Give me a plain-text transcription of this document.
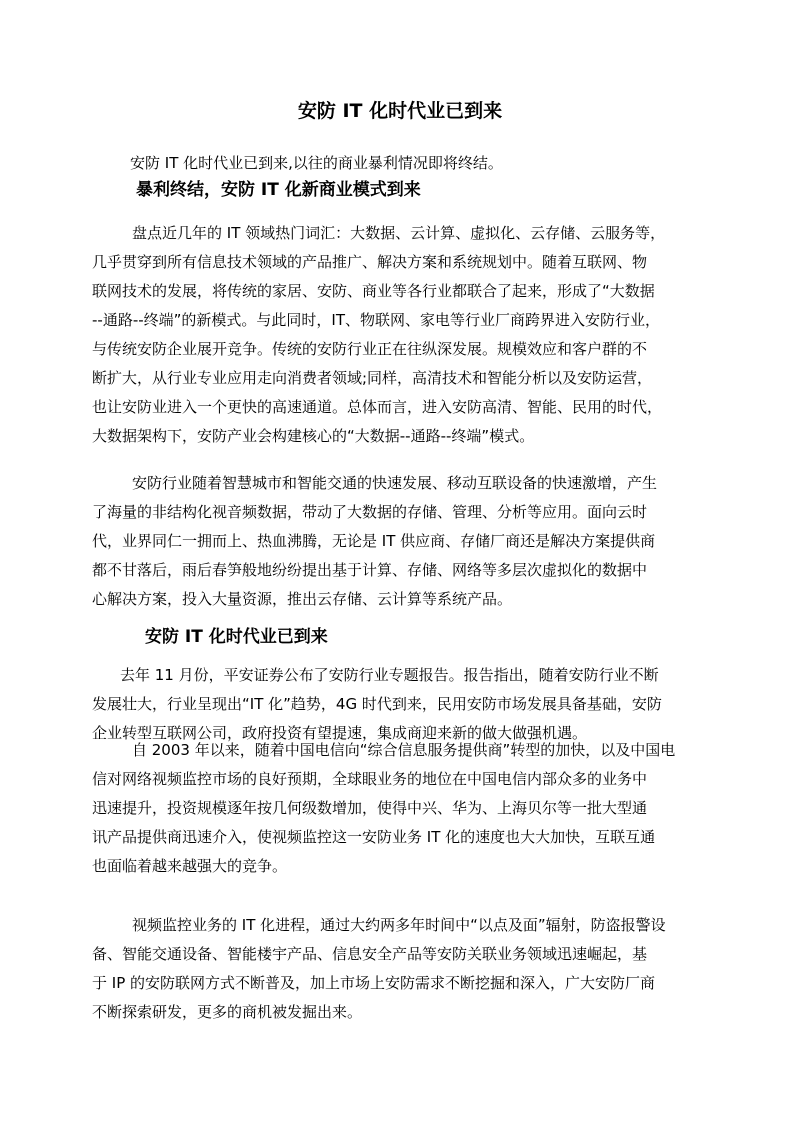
安防 IT 化时代业已到来

安防 IT 化时代业已到来,以往的商业暴利情况即将终结。

暴利终结，安防 IT 化新商业模式到来
盘点近几年的 IT 领域热门词汇：大数据、云计算、虚拟化、云存储、云服务等，
几乎贯穿到所有信息技术领域的产品推广、解决方案和系统规划中。随着互联网、物
联网技术的发展，将传统的家居、安防、商业等各行业都联合了起来，形成了“大数据
--通路--终端”的新模式。与此同时，IT、物联网、家电等行业厂商跨界进入安防行业，
与传统安防企业展开竞争。传统的安防行业正在往纵深发展。规模效应和客户群的不
断扩大，从行业专业应用走向消费者领域;同样，高清技术和智能分析以及安防运营，
也让安防业进入一个更快的高速通道。总体而言，进入安防高清、智能、民用的时代，
大数据架构下，安防产业会构建核心的“大数据--通路--终端”模式。
安防行业随着智慧城市和智能交通的快速发展、移动互联设备的快速激增，产生
了海量的非结构化视音频数据，带动了大数据的存储、管理、分析等应用。面向云时
代，业界同仁一拥而上、热血沸腾，无论是 IT 供应商、存储厂商还是解决方案提供商
都不甘落后，雨后春笋般地纷纷提出基于计算、存储、网络等多层次虚拟化的数据中
心解决方案，投入大量资源，推出云存储、云计算等系统产品。
安防 IT 化时代业已到来
去年 11 月份，平安证券公布了安防行业专题报告。报告指出，随着安防行业不断
发展壮大，行业呈现出“IT 化”趋势，4G 时代到来，民用安防市场发展具备基础，安防
企业转型互联网公司，政府投资有望提速，集成商迎来新的做大做强机遇。
自 2003 年以来，随着中国电信向“综合信息服务提供商”转型的加快，以及中国电
信对网络视频监控市场的良好预期，全球眼业务的地位在中国电信内部众多的业务中
迅速提升，投资规模逐年按几何级数增加，使得中兴、华为、上海贝尔等一批大型通
讯产品提供商迅速介入，使视频监控这一安防业务 IT 化的速度也大大加快，互联互通
也面临着越来越强大的竞争。
视频监控业务的 IT 化进程，通过大约两多年时间中“以点及面”辐射，防盗报警设
备、智能交通设备、智能楼宇产品、信息安全产品等安防关联业务领域迅速崛起，基
于 IP 的安防联网方式不断普及，加上市场上安防需求不断挖掘和深入，广大安防厂商
不断探索研发，更多的商机被发掘出来。
